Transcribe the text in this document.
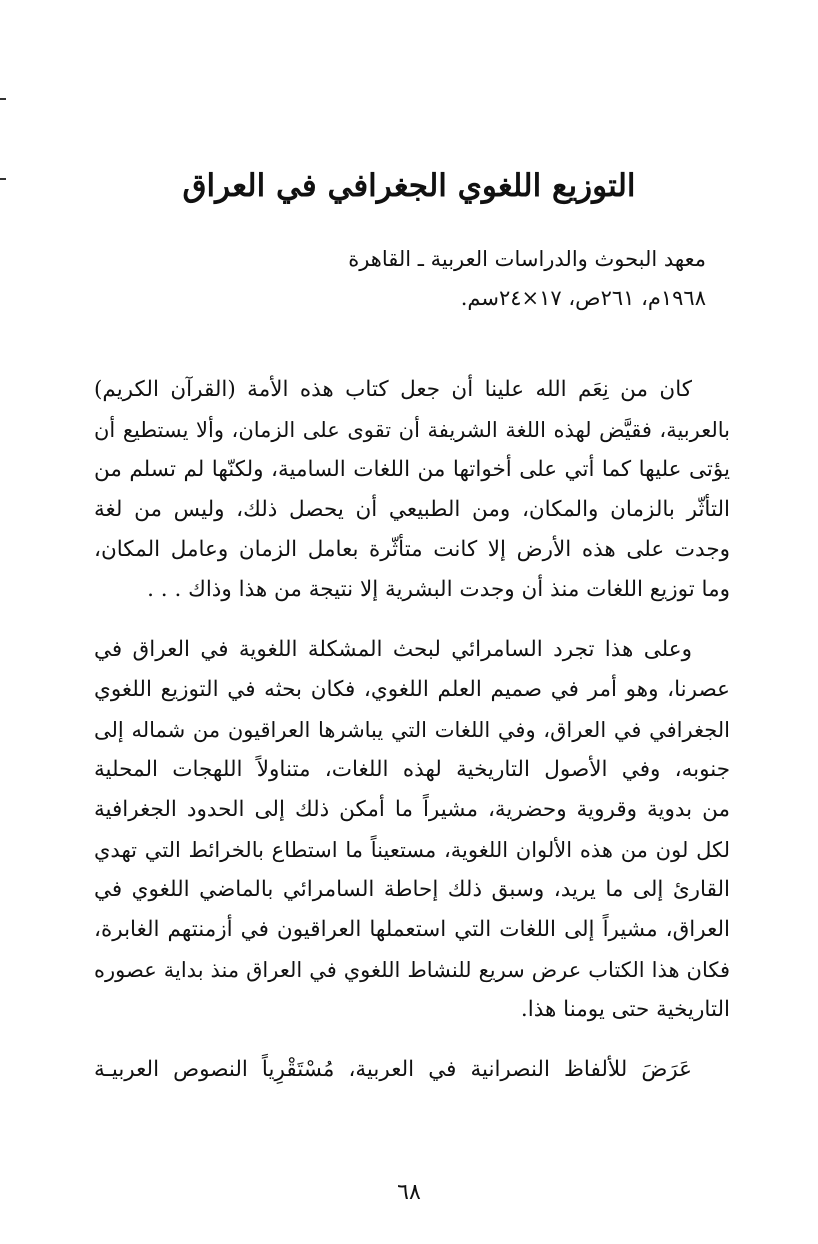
التوزيع اللغوي الجغرافي في العراق
معهد البحوث والدراسات العربية ـ القاهرة
١٩٦٨م، ٢٦١ص، ١٧×٢٤سم.

كان من نِعَم الله علينا أن جعل كتاب هذه الأمة (القرآن الكريم)
بالعربية، فقيَّض لهذه اللغة الشريفة أن تقوى على الزمان، وألا يستطيع أن
يؤتى عليها كما أتي على أخواتها من اللغات السامية، ولكنّها لم تسلم من
التأثّر بالزمان والمكان، ومن الطبيعي أن يحصل ذلك، وليس من لغة
وجدت على هذه الأرض إلا كانت متأثّرة بعامل الزمان وعامل المكان،
وما توزيع اللغات منذ أن وجدت البشرية إلا نتيجة من هذا وذاك . . .

وعلى هذا تجرد السامرائي لبحث المشكلة اللغوية في العراق في
عصرنا، وهو أمر في صميم العلم اللغوي، فكان بحثه في التوزيع اللغوي
الجغرافي في العراق، وفي اللغات التي يباشرها العراقيون من شماله إلى
جنوبه، وفي الأصول التاريخية لهذه اللغات، متناولاً اللهجات المحلية
من بدوية وقروية وحضرية، مشيراً ما أمكن ذلك إلى الحدود الجغرافية
لكل لون من هذه الألوان اللغوية، مستعيناً ما استطاع بالخرائط التي تهدي
القارئ إلى ما يريد، وسبق ذلك إحاطة السامرائي بالماضي اللغوي في
العراق، مشيراً إلى اللغات التي استعملها العراقيون في أزمنتهم الغابرة،
فكان هذا الكتاب عرض سريع للنشاط اللغوي في العراق منذ بداية عصوره
التاريخية حتى يومنا هذا.

عَرَضَ للألفاظ النصرانية في العربية، مُسْتَقْرِياً النصوص العربيـة

٦٨
